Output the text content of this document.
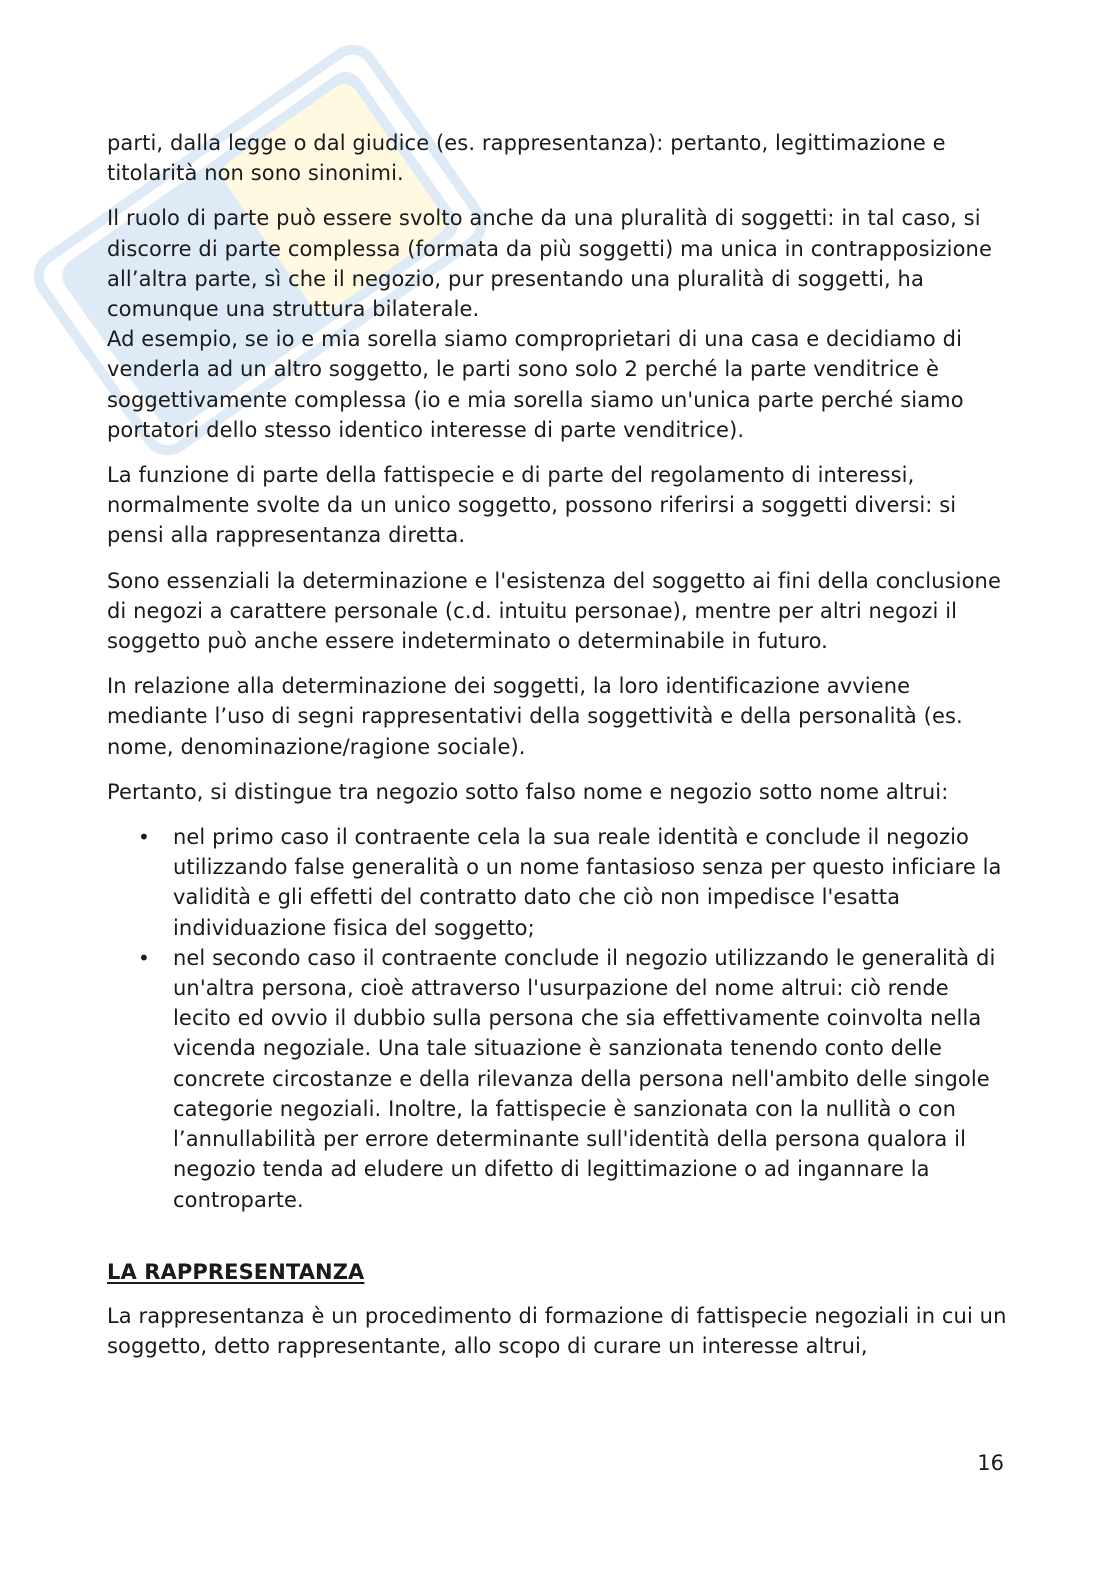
parti, dalla legge o dal giudice (es. rappresentanza): pertanto, legittimazione e titolarità non sono sinonimi.

Il ruolo di parte può essere svolto anche da una pluralità di soggetti: in tal caso, si discorre di parte complessa (formata da più soggetti) ma unica in contrapposizione all’altra parte, sì che il negozio, pur presentando una pluralità di soggetti, ha comunque una struttura bilaterale.

Ad esempio, se io e mia sorella siamo comproprietari di una casa e decidiamo di venderla ad un altro soggetto, le parti sono solo 2 perché la parte venditrice è soggettivamente complessa (io e mia sorella siamo un'unica parte perché siamo portatori dello stesso identico interesse di parte venditrice).

La funzione di parte della fattispecie e di parte del regolamento di interessi, normalmente svolte da un unico soggetto, possono riferirsi a soggetti diversi: si pensi alla rappresentanza diretta.

Sono essenziali la determinazione e l'esistenza del soggetto ai fini della conclusione di negozi a carattere personale (c.d. intuitu personae), mentre per altri negozi il soggetto può anche essere indeterminato o determinabile in futuro.

In relazione alla determinazione dei soggetti, la loro identificazione avviene mediante l’uso di segni rappresentativi della soggettività e della personalità (es. nome, denominazione/ragione sociale).

Pertanto, si distingue tra negozio sotto falso nome e negozio sotto nome altrui:

• nel primo caso il contraente cela la sua reale identità e conclude il negozio utilizzando false generalità o un nome fantasioso senza per questo inficiare la validità e gli effetti del contratto dato che ciò non impedisce l'esatta individuazione fisica del soggetto;
• nel secondo caso il contraente conclude il negozio utilizzando le generalità di un'altra persona, cioè attraverso l'usurpazione del nome altrui: ciò rende lecito ed ovvio il dubbio sulla persona che sia effettivamente coinvolta nella vicenda negoziale. Una tale situazione è sanzionata tenendo conto delle concrete circostanze e della rilevanza della persona nell'ambito delle singole categorie negoziali. Inoltre, la fattispecie è sanzionata con la nullità o con l’annullabilità per errore determinante sull'identità della persona qualora il negozio tenda ad eludere un difetto di legittimazione o ad ingannare la controparte.
LA RAPPRESENTANZA

La rappresentanza è un procedimento di formazione di fattispecie negoziali in cui un soggetto, detto rappresentante, allo scopo di curare un interesse altrui,

16
